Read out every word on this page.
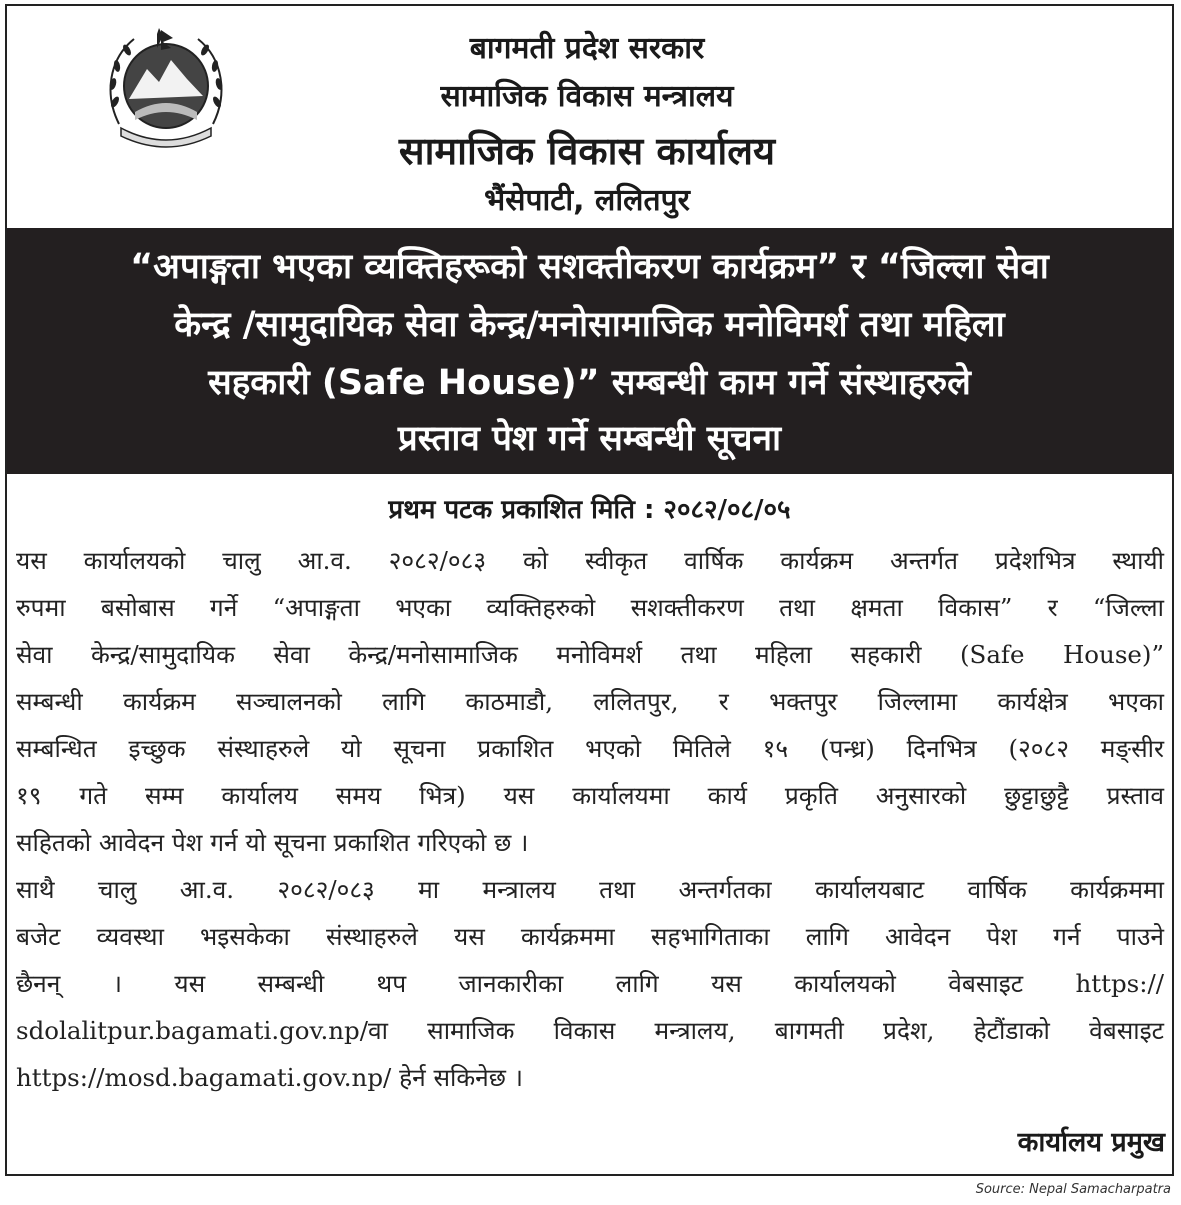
बागमती प्रदेश सरकार
सामाजिक विकास मन्त्रालय
सामाजिक विकास कार्यालय
भैंसेपाटी, ललितपुर
“अपाङ्गता भएका व्यक्तिहरूको सशक्तीकरण कार्यक्रम” र “जिल्ला सेवा
केन्द्र /सामुदायिक सेवा केन्द्र/मनोसामाजिक मनोविमर्श तथा महिला
सहकारी (Safe House)” सम्बन्धी काम गर्ने संस्थाहरुले
प्रस्ताव पेश गर्ने सम्बन्धी सूचना
प्रथम पटक प्रकाशित मिति : २०८२/०८/०५
यस कार्यालयको चालु आ.व. २०८२/०८३ को स्वीकृत वार्षिक कार्यक्रम अन्तर्गत प्रदेशभित्र स्थायी
रुपमा बसोबास गर्ने “अपाङ्गता भएका व्यक्तिहरुको सशक्तीकरण तथा क्षमता विकास” र “जिल्ला
सेवा केन्द्र/सामुदायिक सेवा केन्द्र/मनोसामाजिक मनोविमर्श तथा महिला सहकारी (Safe House)”
सम्बन्धी कार्यक्रम सञ्चालनको लागि काठमाडौ, ललितपुर, र भक्तपुर जिल्लामा कार्यक्षेत्र भएका
सम्बन्धित इच्छुक संस्थाहरुले यो सूचना प्रकाशित भएको मितिले १५ (पन्ध्र) दिनभित्र (२०८२ मङ्सीर
१९ गते सम्म कार्यालय समय भित्र) यस कार्यालयमा कार्य प्रकृति अनुसारको छुट्टाछुट्टै प्रस्ताव
सहितको आवेदन पेश गर्न यो सूचना प्रकाशित गरिएको छ ।
साथै चालु आ.व. २०८२/०८३ मा मन्त्रालय तथा अन्तर्गतका कार्यालयबाट वार्षिक कार्यक्रममा
बजेट व्यवस्था भइसकेका संस्थाहरुले यस कार्यक्रममा सहभागिताका लागि आवेदन पेश गर्न पाउने
छैनन् । यस सम्बन्धी थप जानकारीका लागि यस कार्यालयको वेबसाइट https://
sdolalitpur.bagamati.gov.np/वा सामाजिक विकास मन्त्रालय, बागमती प्रदेश, हेटौंडाको वेबसाइट
https://mosd.bagamati.gov.np/ हेर्न सकिनेछ ।
कार्यालय प्रमुख
Source: Nepal Samacharpatra
